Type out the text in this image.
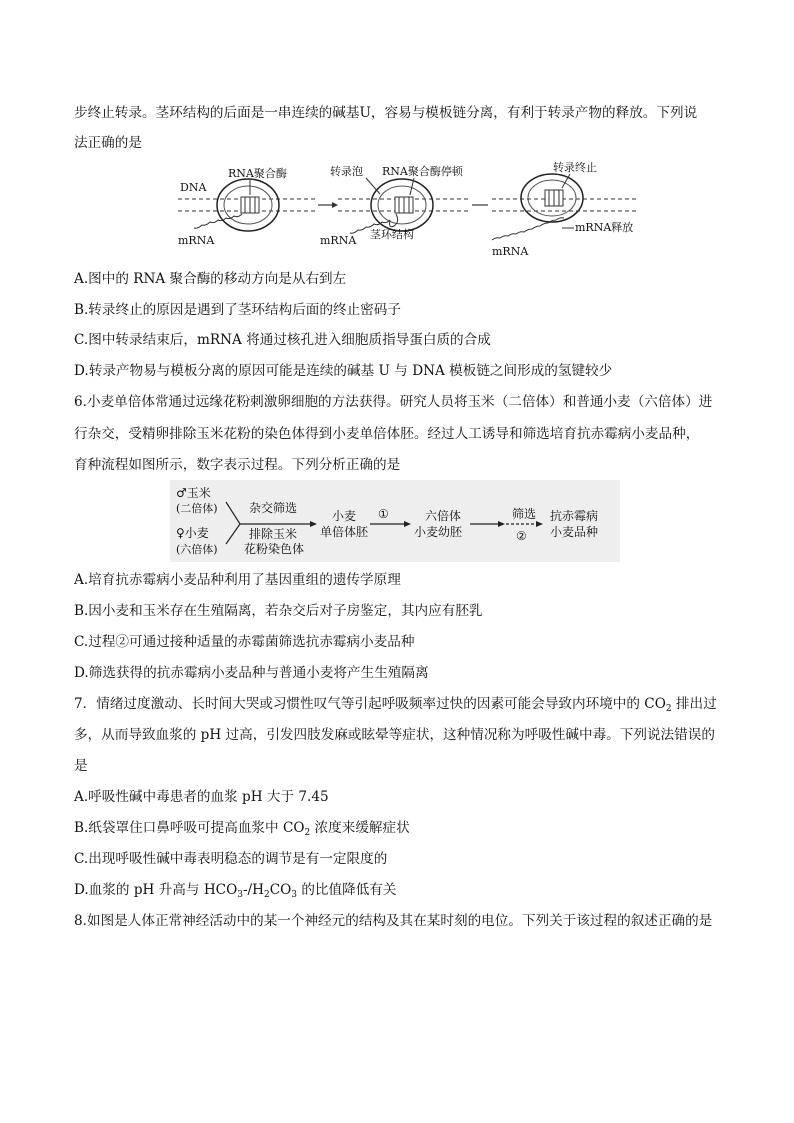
步终止转录。茎环结构的后面是一串连续的碱基U，容易与模板链分离，有利于转录产物的释放。下列说
法正确的是
DNA
RNA聚合酶
mRNA
转录泡 RNA聚合酶停顿
茎环结构
mRNA
转录终止
mRNA释放
mRNA
A.图中的 RNA 聚合酶的移动方向是从右到左
B.转录终止的原因是遇到了茎环结构后面的终止密码子
C.图中转录结束后，mRNA 将通过核孔进入细胞质指导蛋白质的合成
D.转录产物易与模板分离的原因可能是连续的碱基 U 与 DNA 模板链之间形成的氢键较少
6.小麦单倍体常通过远缘花粉刺激卵细胞的方法获得。研究人员将玉米（二倍体）和普通小麦（六倍体）进
行杂交，受精卵排除玉米花粉的染色体得到小麦单倍体胚。经过人工诱导和筛选培育抗赤霉病小麦品种，
育种流程如图所示，数字表示过程。下列分析正确的是
♂玉米
(二倍体)
♀小麦
(六倍体)
杂交筛选
排除玉米
花粉染色体
小麦
单倍体胚
①	六倍体
小麦幼胚
筛选
②
抗赤霉病
小麦品种
A.培育抗赤霉病小麦品种利用了基因重组的遗传学原理
B.因小麦和玉米存在生殖隔离，若杂交后对子房鉴定，其内应有胚乳
C.过程②可通过接种适量的赤霉菌筛选抗赤霉病小麦品种
D.筛选获得的抗赤霉病小麦品种与普通小麦将产生生殖隔离
7．情绪过度激动、长时间大哭或习惯性叹气等引起呼吸频率过快的因素可能会导致内环境中的 $CO_2$ 排出过
多，从而导致血浆的 pH 过高，引发四肢发麻或眩晕等症状，这种情况称为呼吸性碱中毒。下列说法错误的
是
A.呼吸性碱中毒患者的血浆 pH 大于 7.45
B.纸袋罩住口鼻呼吸可提高血浆中 $CO_2$ 浓度来缓解症状
C.出现呼吸性碱中毒表明稳态的调节是有一定限度的
D.血浆的 pH 升高与 $HCO_3-/H_2CO_3$ 的比值降低有关
8.如图是人体正常神经活动中的某一个神经元的结构及其在某时刻的电位。下列关于该过程的叙述正确的是
